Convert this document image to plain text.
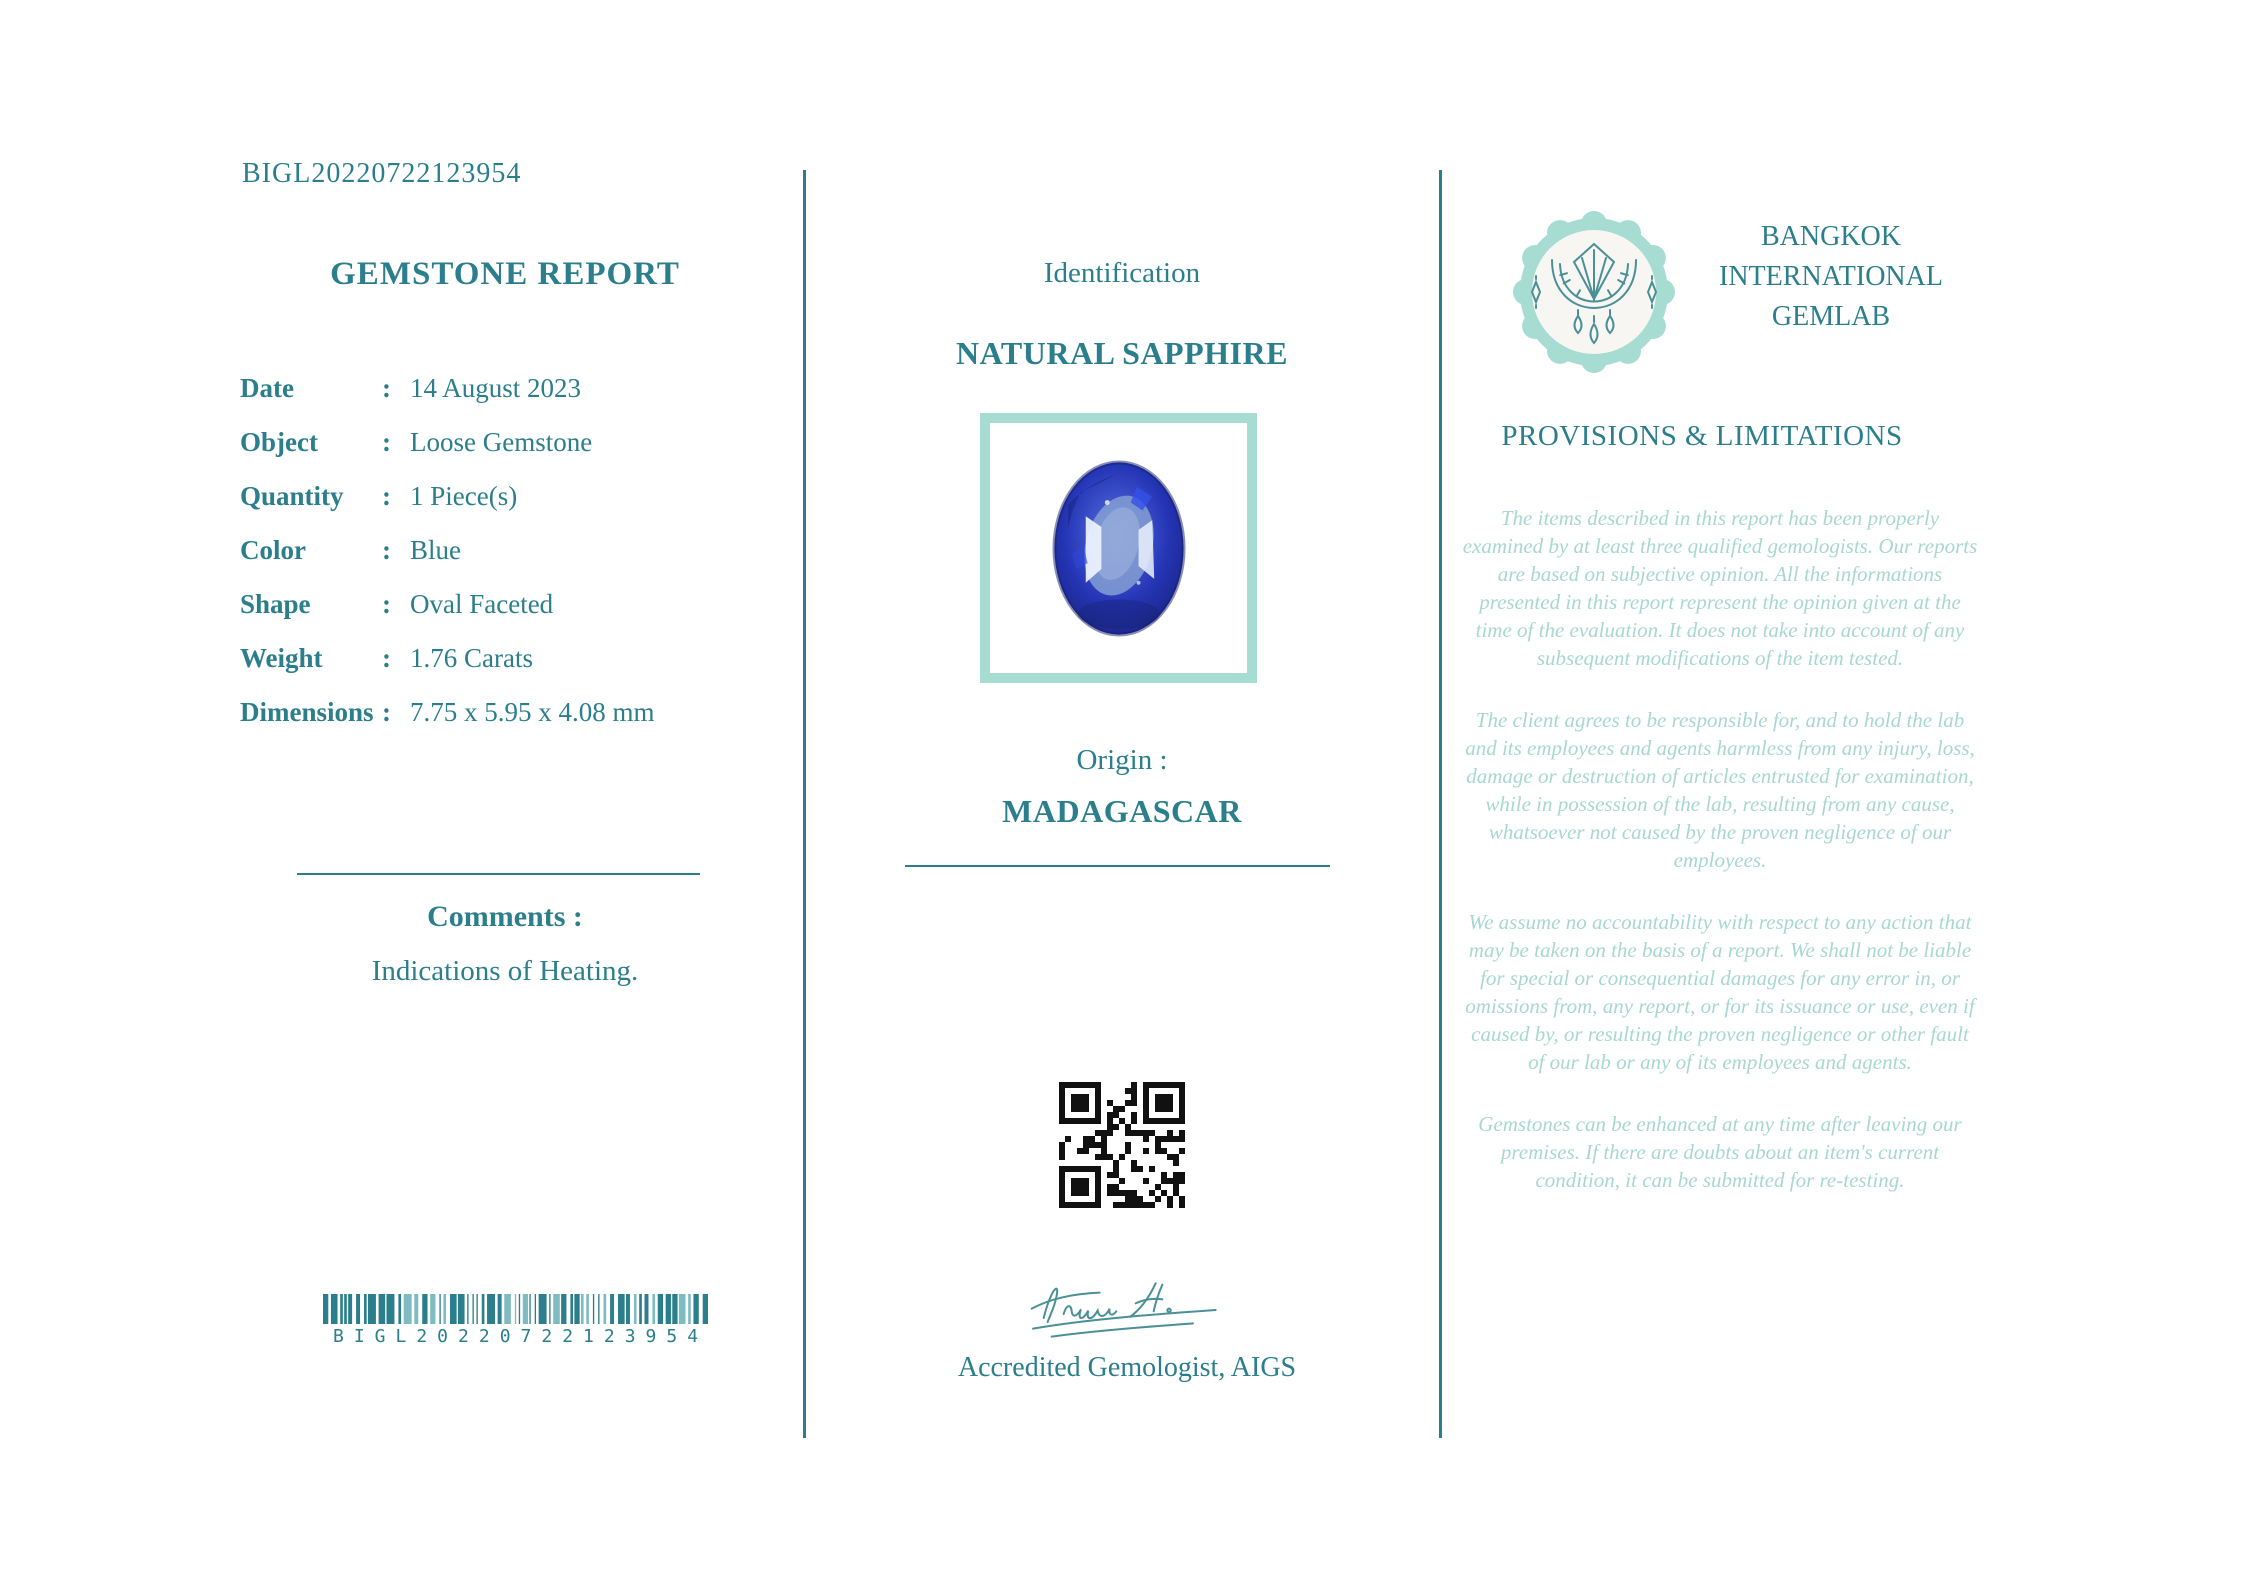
BIGL20220722123954
GEMSTONE REPORT
Date	: 14 August 2023
Object	: Loose Gemstone
Quantity	: 1 Piece(s)
Color	: Blue
Shape	: Oval Faceted
Weight	: 1.76 Carats
Dimensions : 7.75 x 5.95 x 4.08 mm
Comments :
Indications of Heating.
BIGL20220722123954
Identification
NATURAL SAPPHIRE
Origin :
MADAGASCAR
Accredited Gemologist, AIGS
BANGKOK
INTERNATIONAL
GEMLAB
PROVISIONS & LIMITATIONS

The items described in this report has been properly examined by at least three qualified gemologists. Our reports are based on subjective opinion. All the informations presented in this report represent the opinion given at the time of the evaluation. It does not take into account of any subsequent modifications of the item tested.

The client agrees to be responsible for, and to hold the lab and its employees and agents harmless from any injury, loss, damage or destruction of articles entrusted for examination, while in possession of the lab, resulting from any cause, whatsoever not caused by the proven negligence of our employees.

We assume no accountability with respect to any action that may be taken on the basis of a report. We shall not be liable for special or consequential damages for any error in, or omissions from, any report, or for its issuance or use, even if caused by, or resulting the proven negligence or other fault of our lab or any of its employees and agents.

Gemstones can be enhanced at any time after leaving our premises. If there are doubts about an item's current condition, it can be submitted for re-testing.
